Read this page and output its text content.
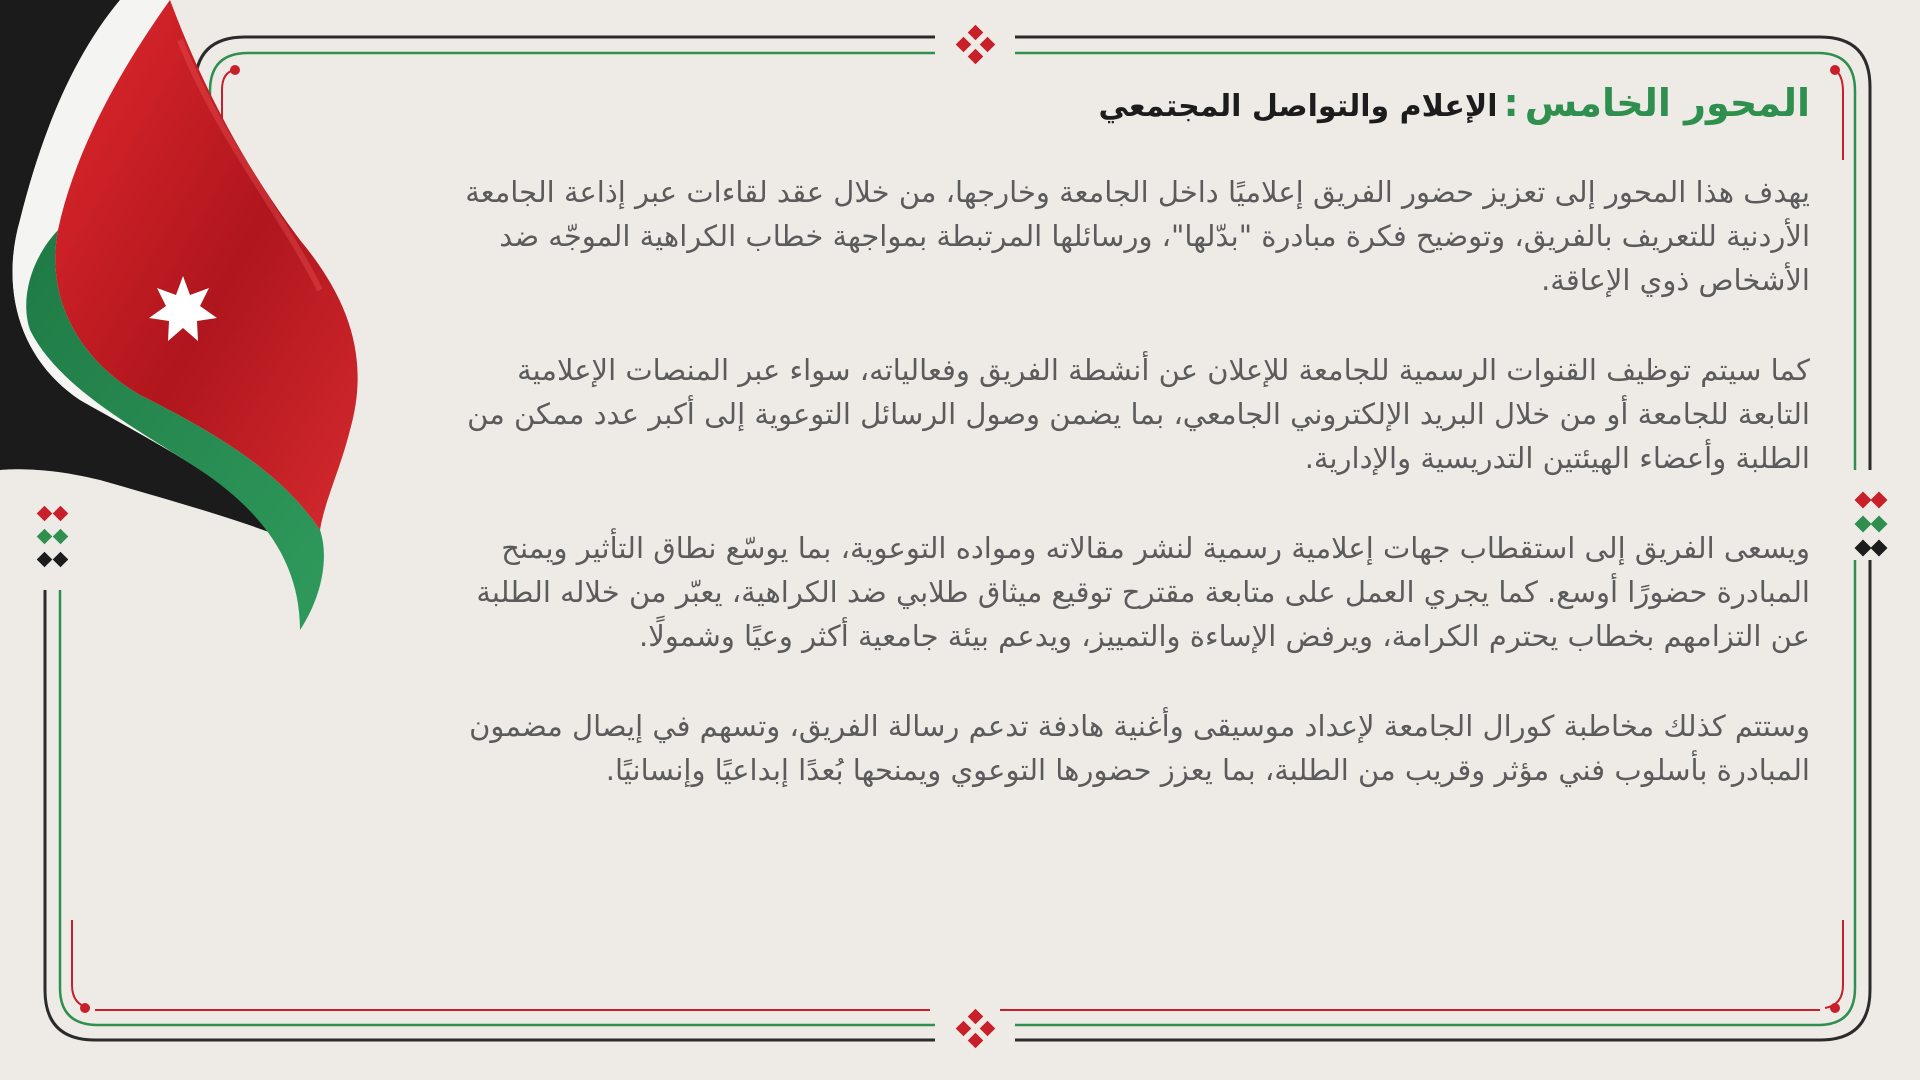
المحور الخامس:الإعلام والتواصل المجتمعي

يهدف هذا المحور إلى تعزيز حضور الفريق إعلاميًا داخل الجامعة وخارجها، من خلال عقد لقاءات عبر إذاعة الجامعة الأردنية للتعريف بالفريق، وتوضيح فكرة مبادرة "بدّلها"، ورسائلها المرتبطة بمواجهة خطاب الكراهية الموجّه ضد الأشخاص ذوي الإعاقة.

كما سيتم توظيف القنوات الرسمية للجامعة للإعلان عن أنشطة الفريق وفعالياته، سواء عبر المنصات الإعلامية التابعة للجامعة أو من خلال البريد الإلكتروني الجامعي، بما يضمن وصول الرسائل التوعوية إلى أكبر عدد ممكن من الطلبة وأعضاء الهيئتين التدريسية والإدارية.

ويسعى الفريق إلى استقطاب جهات إعلامية رسمية لنشر مقالاته ومواده التوعوية، بما يوسّع نطاق التأثير ويمنح المبادرة حضورًا أوسع. كما يجري العمل على متابعة مقترح توقيع ميثاق طلابي ضد الكراهية، يعبّر من خلاله الطلبة عن التزامهم بخطاب يحترم الكرامة، ويرفض الإساءة والتمييز، ويدعم بيئة جامعية أكثر وعيًا وشمولًا.

وستتم كذلك مخاطبة كورال الجامعة لإعداد موسيقى وأغنية هادفة تدعم رسالة الفريق، وتسهم في إيصال مضمون المبادرة بأسلوب فني مؤثر وقريب من الطلبة، بما يعزز حضورها التوعوي ويمنحها بُعدًا إبداعيًا وإنسانيًا.
